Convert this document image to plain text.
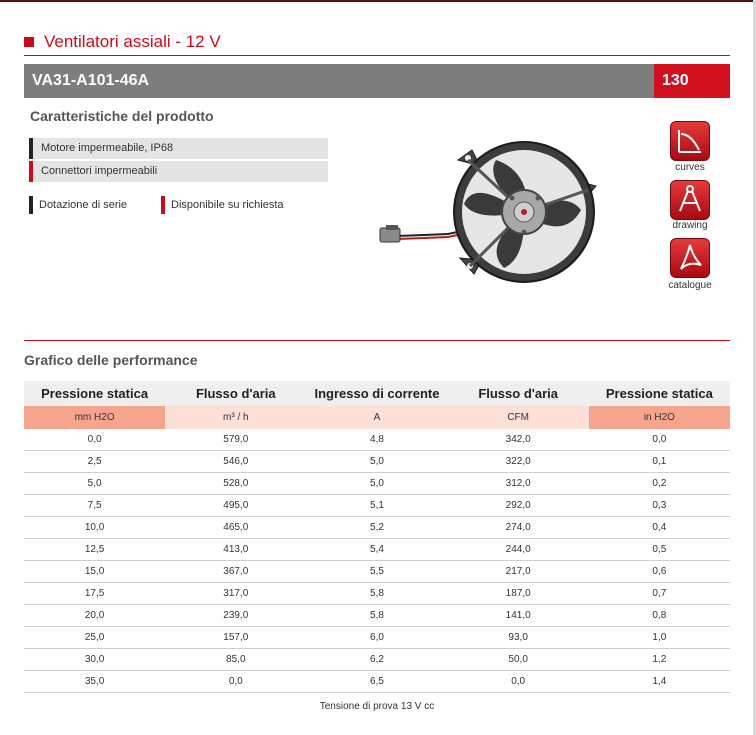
Ventilatori assiali - 12 V
VA31-A101-46A	130
Caratteristiche del prodotto
Motore impermeabile, IP68
Connettori impermeabili
Dotazione di serie	Disponibile su richiesta
curves
drawing
catalogue
Grafico delle performance
Pressione statica	Flusso d'aria	Ingresso di corrente	Flusso d'aria	Pressione statica
mm H2O	m³ / h	A	CFM	in H2O
0,0	579,0	4,8	342,0	0,0
2,5	546,0	5,0	322,0	0,1
5,0	528,0	5,0	312,0	0,2
7,5	495,0	5,1	292,0	0,3
10,0	465,0	5,2	274,0	0,4
12,5	413,0	5,4	244,0	0,5
15,0	367,0	5,5	217,0	0,6
17,5	317,0	5,8	187,0	0,7
20,0	239,0	5,8	141,0	0,8
25,0	157,0	6,0	93,0	1,0
30,0	85,0	6,2	50,0	1,2
35,0	0,0	6,5	0,0	1,4
Tensione di prova 13 V cc
